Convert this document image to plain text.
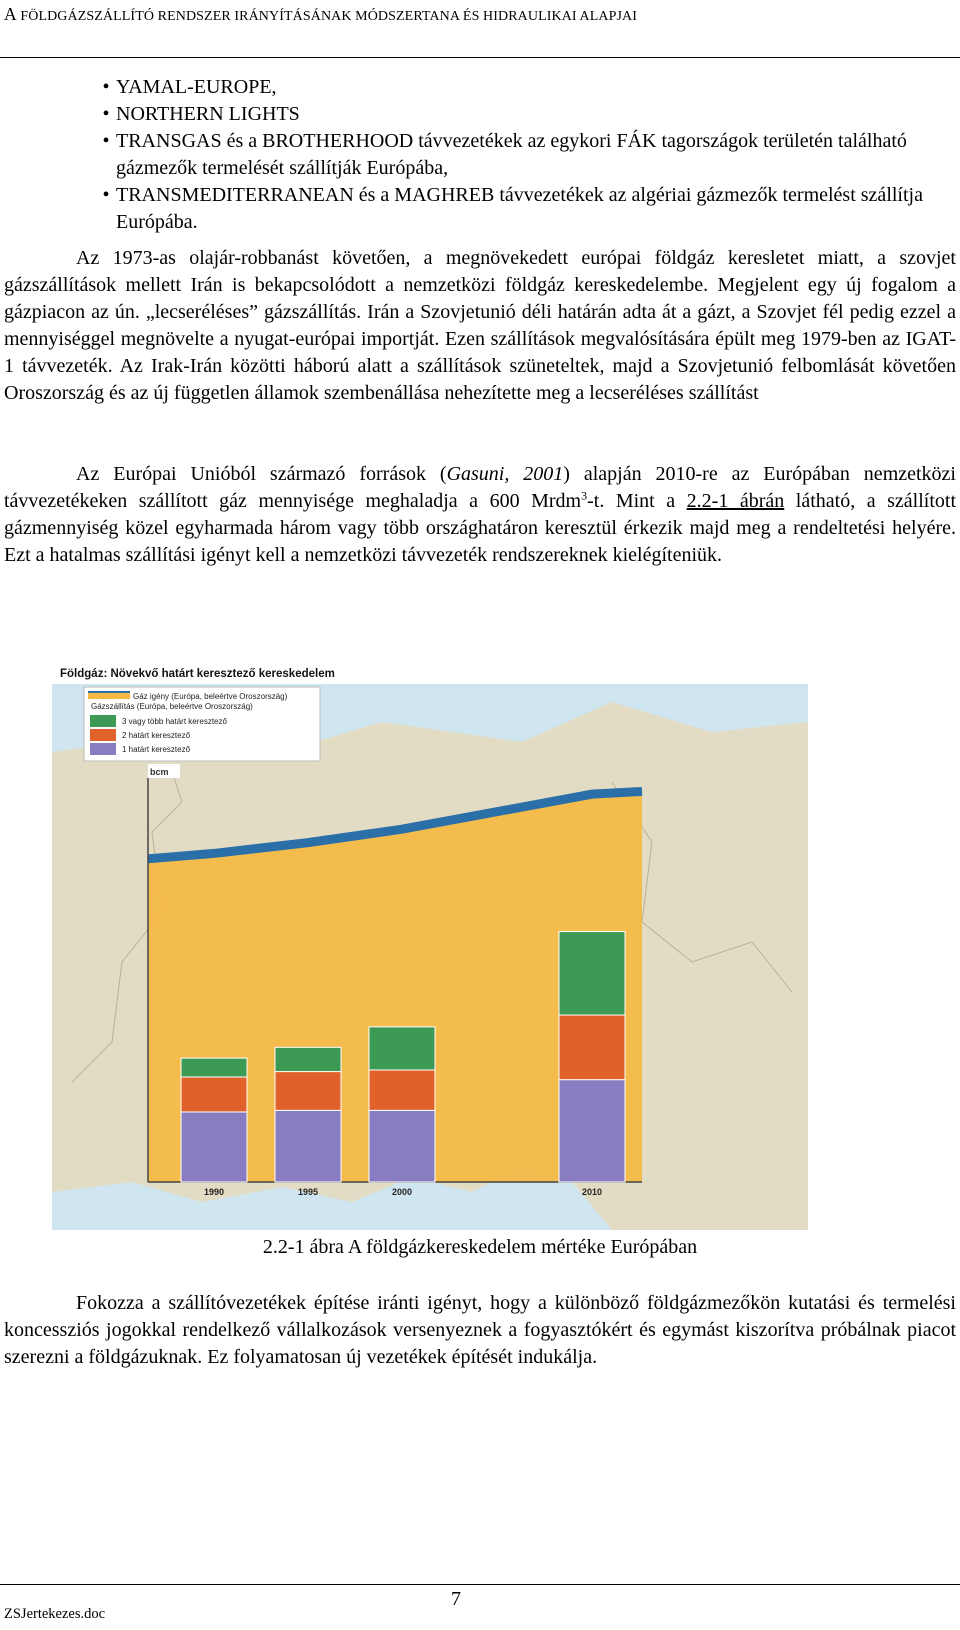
A FÖLDGÁZSZÁLLÍTÓ RENDSZER IRÁNYÍTÁSÁNAK MÓDSZERTANA ÉS HIDRAULIKAI ALAPJAI
• YAMAL-EUROPE,
• NORTHERN LIGHTS
• TRANSGAS és a BROTHERHOOD távvezetékek az egykori FÁK tagországok területén található gázmezők termelését szállítják Európába,
• TRANSMEDITERRANEAN és a MAGHREB távvezetékek az algériai gázmezők termelést szállítja Európába.

Az 1973-as olajár-robbanást követően, a megnövekedett európai földgáz keresletet miatt, a szovjet gázszállítások mellett Irán is bekapcsolódott a nemzetközi földgáz kereskedelembe. Megjelent egy új fogalom a gázpiacon az ún. „lecseréléses” gázszállítás. Irán a Szovjetunió déli határán adta át a gázt, a Szovjet fél pedig ezzel a mennyiséggel megnövelte a nyugat-európai importját. Ezen szállítások megvalósítására épült meg 1979-ben az IGAT-1 távvezeték. Az Irak-Irán közötti háború alatt a szállítások szüneteltek, majd a Szovjetunió felbomlását követően Oroszország és az új független államok szembenállása nehezítette meg a lecseréléses szállítást

Az Európai Unióból származó források (Gasuni, 2001) alapján 2010-re az Európában nemzetközi távvezetékeken szállított gáz mennyisége meghaladja a 600 Mrdm$^3$-t. Mint a 2.2-1 ábrán látható, a szállított gázmennyiség közel egyharmada három vagy több országhatáron keresztül érkezik majd meg a rendeltetési helyére. Ezt a hatalmas szállítási igényt kell a nemzetközi távvezeték rendszereknek kielégíteniük.

Földgáz: Növekvő határt keresztező kereskedelem
Gáz igény (Európa, beleértve Oroszország)
Gázszállítás (Európa, beleértve Oroszország)
3 vagy több határt keresztező
2 határt keresztező
1 határt keresztező
bcm
1990	1995	2000	2010
2.2-1 ábra A földgázkereskedelem mértéke Európában

Fokozza a szállítóvezetékek építése iránti igényt, hogy a különböző földgázmezőkön kutatási és termelési koncessziós jogokkal rendelkező vállalkozások versenyeznek a fogyasztókért és egymást kiszorítva próbálnak piacot szerezni a földgázuknak. Ez folyamatosan új vezetékek építését indukálja.

7
ZSJertekezes.doc
